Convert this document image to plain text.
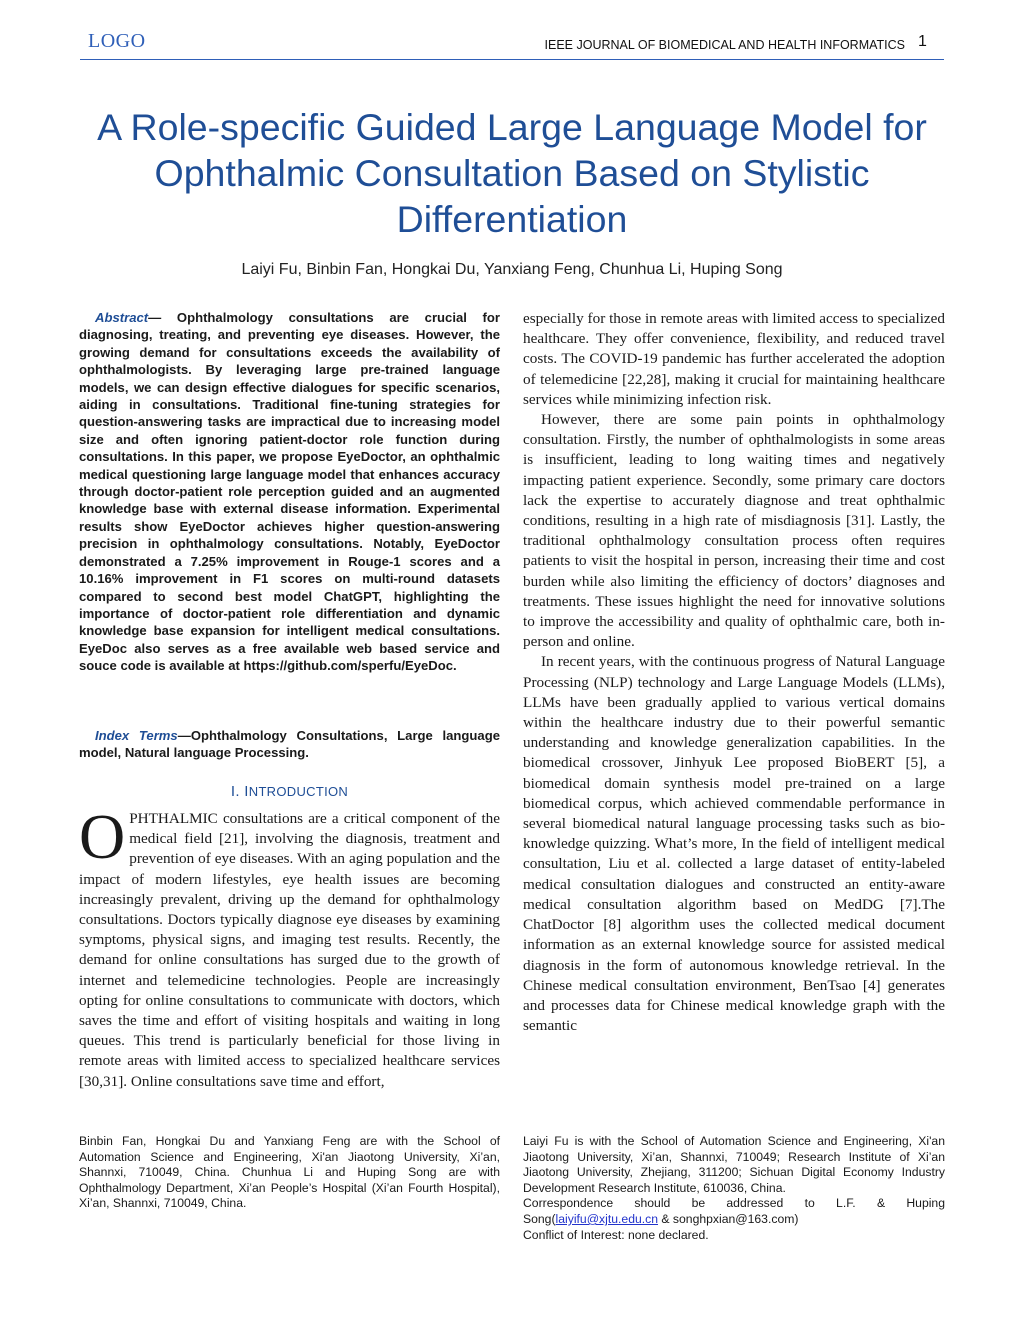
LOGO	IEEE JOURNAL OF BIOMEDICAL AND HEALTH INFORMATICS 1
A Role-specific Guided Large Language Model for Ophthalmic Consultation Based on Stylistic Differentiation
Laiyi Fu, Binbin Fan, Hongkai Du, Yanxiang Feng, Chunhua Li, Huping Song
Abstract— Ophthalmology consultations are crucial for diagnosing, treating, and preventing eye diseases. However, the growing demand for consultations exceeds the availability of ophthalmologists. By leveraging large pre-trained language models, we can design effective dialogues for specific scenarios, aiding in consultations. Traditional fine-tuning strategies for question-answering tasks are impractical due to increasing model size and often ignoring patient-doctor role function during consultations. In this paper, we propose EyeDoctor, an ophthalmic medical questioning large language model that enhances accuracy through doctor-patient role perception guided and an augmented knowledge base with external disease information. Experimental results show EyeDoctor achieves higher question-answering precision in ophthalmology consultations. Notably, EyeDoctor demonstrated a 7.25% improvement in Rouge-1 scores and a 10.16% improvement in F1 scores on multi-round datasets compared to second best model ChatGPT, highlighting the importance of doctor-patient role differentiation and dynamic knowledge base expansion for intelligent medical consultations. EyeDoc also serves as a free available web based service and souce code is available at https://github.com/sperfu/EyeDoc.
Index Terms—Ophthalmology Consultations, Large language model, Natural language Processing.
I. INTRODUCTION
OPHTHALMIC consultations are a critical component of the medical field [21], involving the diagnosis, treatment and prevention of eye diseases. With an aging population and the impact of modern lifestyles, eye health issues are becoming increasingly prevalent, driving up the demand for ophthalmology consultations. Doctors typically diagnose eye diseases by examining symptoms, physical signs, and imaging test results. Recently, the demand for online consultations has surged due to the growth of internet and telemedicine technologies. People are increasingly opting for online consultations to communicate with doctors, which saves the time and effort of visiting hospitals and waiting in long queues. This trend is particularly beneficial for those living in remote areas with limited access to specialized healthcare services [30,31]. Online consultations save time and effort,

especially for those in remote areas with limited access to specialized healthcare. They offer convenience, flexibility, and reduced travel costs. The COVID-19 pandemic has further accelerated the adoption of telemedicine [22,28], making it crucial for maintaining healthcare services while minimizing infection risk.

However, there are some pain points in ophthalmology consultation. Firstly, the number of ophthalmologists in some areas is insufficient, leading to long waiting times and negatively impacting patient experience. Secondly, some primary care doctors lack the expertise to accurately diagnose and treat ophthalmic conditions, resulting in a high rate of misdiagnosis [31]. Lastly, the traditional ophthalmology consultation process often requires patients to visit the hospital in person, increasing their time and cost burden while also limiting the efficiency of doctors’ diagnoses and treatments. These issues highlight the need for innovative solutions to improve the accessibility and quality of ophthalmic care, both in-person and online.

In recent years, with the continuous progress of Natural Language Processing (NLP) technology and Large Language Models (LLMs), LLMs have been gradually applied to various vertical domains within the healthcare industry due to their powerful semantic understanding and knowledge generalization capabilities. In the biomedical crossover, Jinhyuk Lee proposed BioBERT [5], a biomedical domain synthesis model pre-trained on a large biomedical corpus, which achieved commendable performance in several biomedical natural language processing tasks such as bio-knowledge quizzing. What’s more, In the field of intelligent medical consultation, Liu et al. collected a large dataset of entity-labeled medical consultation dialogues and constructed an entity-aware medical consultation algorithm based on MedDG [7].The ChatDoctor [8] algorithm uses the collected medical document information as an external knowledge source for assisted medical diagnosis in the form of autonomous knowledge retrieval. In the Chinese medical consultation environment, BenTsao [4] generates and processes data for Chinese medical knowledge graph with the semantic

Binbin Fan, Hongkai Du and Yanxiang Feng are with the School of Automation Science and Engineering, Xi'an Jiaotong University, Xi’an, Shannxi, 710049, China. Chunhua Li and Huping Song are with Ophthalmology Department, Xi’an People’s Hospital (Xi’an Fourth Hospital), Xi’an, Shannxi, 710049, China.

Laiyi Fu is with the School of Automation Science and Engineering, Xi'an Jiaotong University, Xi’an, Shannxi, 710049; Research Institute of Xi’an Jiaotong University, Zhejiang, 311200; Sichuan Digital Economy Industry Development Research Institute, 610036, China.

Correspondence should be addressed to L.F. & Huping Song(laiyifu@xjtu.edu.cn & songhpxian@163.com)

Conflict of Interest: none declared.
